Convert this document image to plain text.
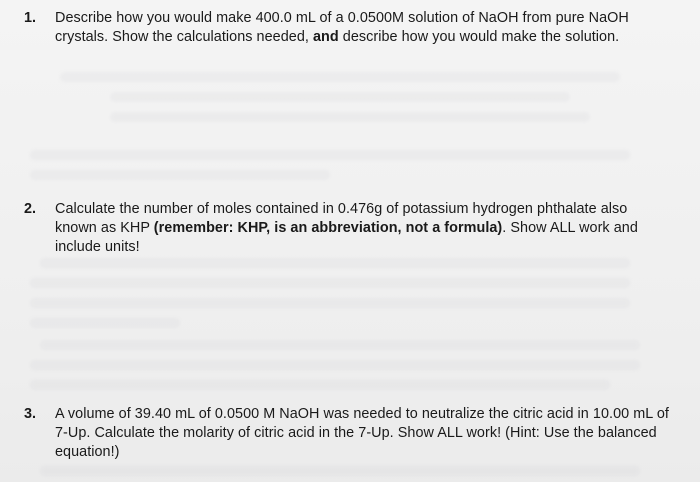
1.	Describe how you would make 400.0 mL of a 0.0500M solution of NaOH from pure NaOH crystals. Show the calculations needed, and describe how you would make the solution.
2.	Calculate the number of moles contained in 0.476g of potassium hydrogen phthalate also known as KHP (remember: KHP, is an abbreviation, not a formula). Show ALL work and include units!
3.	A volume of 39.40 mL of 0.0500 M NaOH was needed to neutralize the citric acid in 10.00 mL of 7-Up. Calculate the molarity of citric acid in the 7-Up. Show ALL work! (Hint: Use the balanced equation!)
